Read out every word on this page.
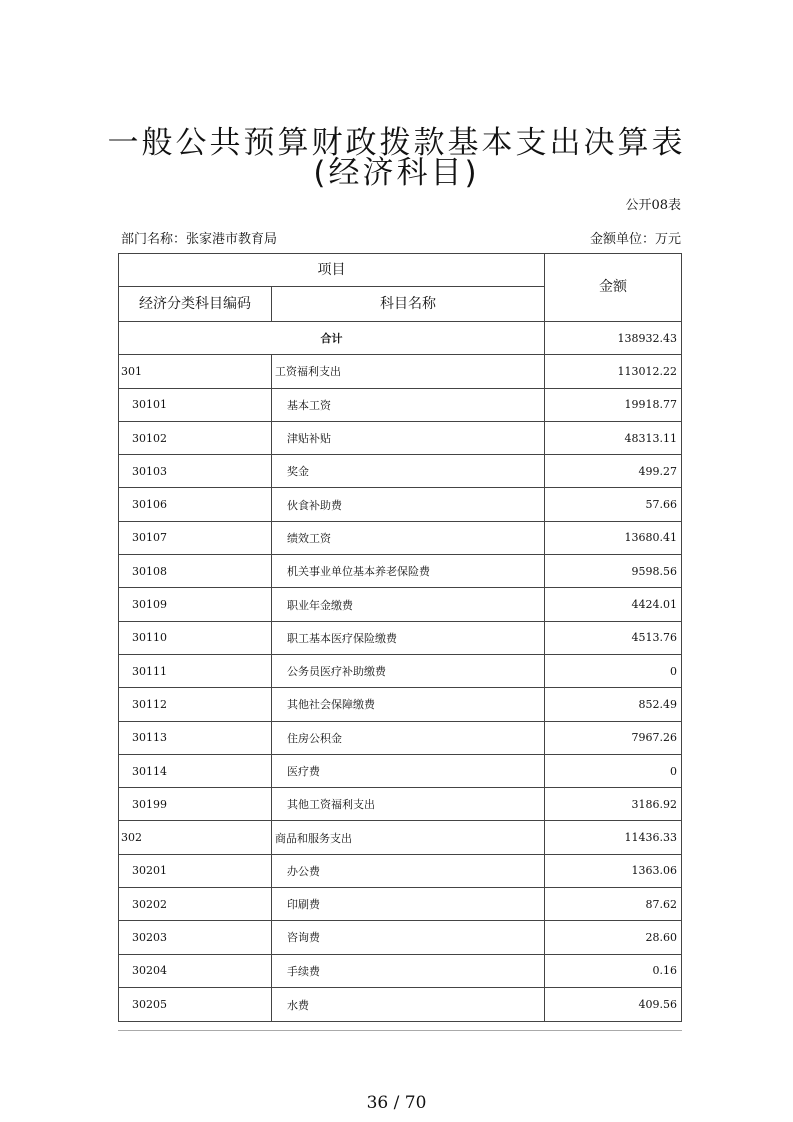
一般公共预算财政拨款基本支出决算表
(经济科目)
公开08表
部门名称：张家港市教育局	金额单位：万元
项目
经济分类科目编码	科目名称
金额
合计	138932.43
301	工资福利支出	113012.22
30101	基本工资	19918.77
30102	津贴补贴	48313.11
30103	奖金	499.27
30106	伙食补助费	57.66
30107	绩效工资	13680.41
30108	机关事业单位基本养老保险费	9598.56
30109	职业年金缴费	4424.01
30110	职工基本医疗保险缴费	4513.76
30111	公务员医疗补助缴费	0
30112	其他社会保障缴费	852.49
30113	住房公积金	7967.26
30114	医疗费	0
30199	其他工资福利支出	3186.92
302	商品和服务支出	11436.33
30201	办公费	1363.06
30202	印刷费	87.62
30203	咨询费	28.60
30204	手续费	0.16
30205	水费	409.56
36 / 70
